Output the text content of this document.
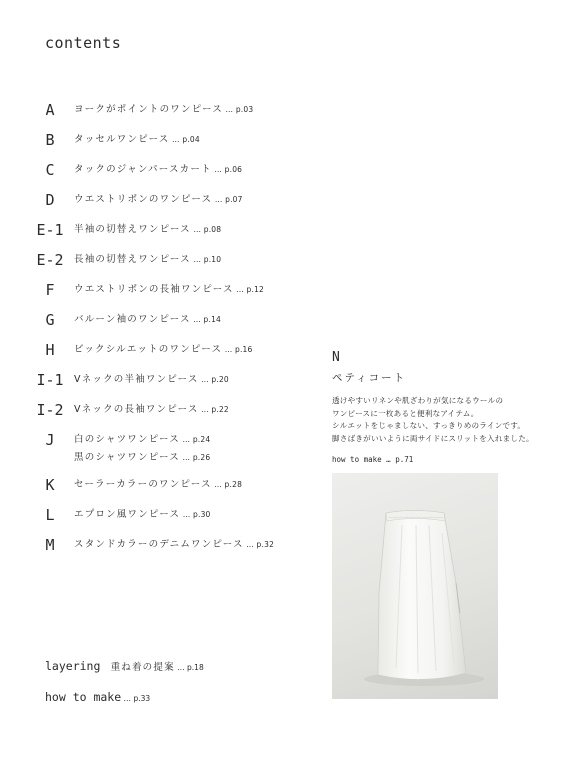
contents
A	ヨークがポイントのワンピース … p.03
B	タッセルワンピース … p.04
C	タックのジャンパースカート … p.06
D	ウエストリボンのワンピース … p.07
E-1 半袖の切替えワンピース … p.08
E-2 長袖の切替えワンピース … p.10
F	ウエストリボンの長袖ワンピース … p.12
G	バルーン袖のワンピース … p.14
H	ビックシルエットのワンピース … p.16
I-1 Vネックの半袖ワンピース … p.20
I-2 Vネックの長袖ワンピース … p.22
J	白のシャツワンピース … p.24
黒のシャツワンピース … p.26
K	セーラーカラーのワンピース … p.28
L	エプロン風ワンピース … p.30
M	スタンドカラーのデニムワンピース … p.32
layering 重ね着の提案 … p.18
how to make … p.33
N
ペティコート
透けやすいリネンや肌ざわりが気になるウールの
ワンピースに一枚あると便利なアイテム。
シルエットをじゃましない、すっきりめのラインです。
脚さばきがいいように両サイドにスリットを入れました。
how to make … p.71
